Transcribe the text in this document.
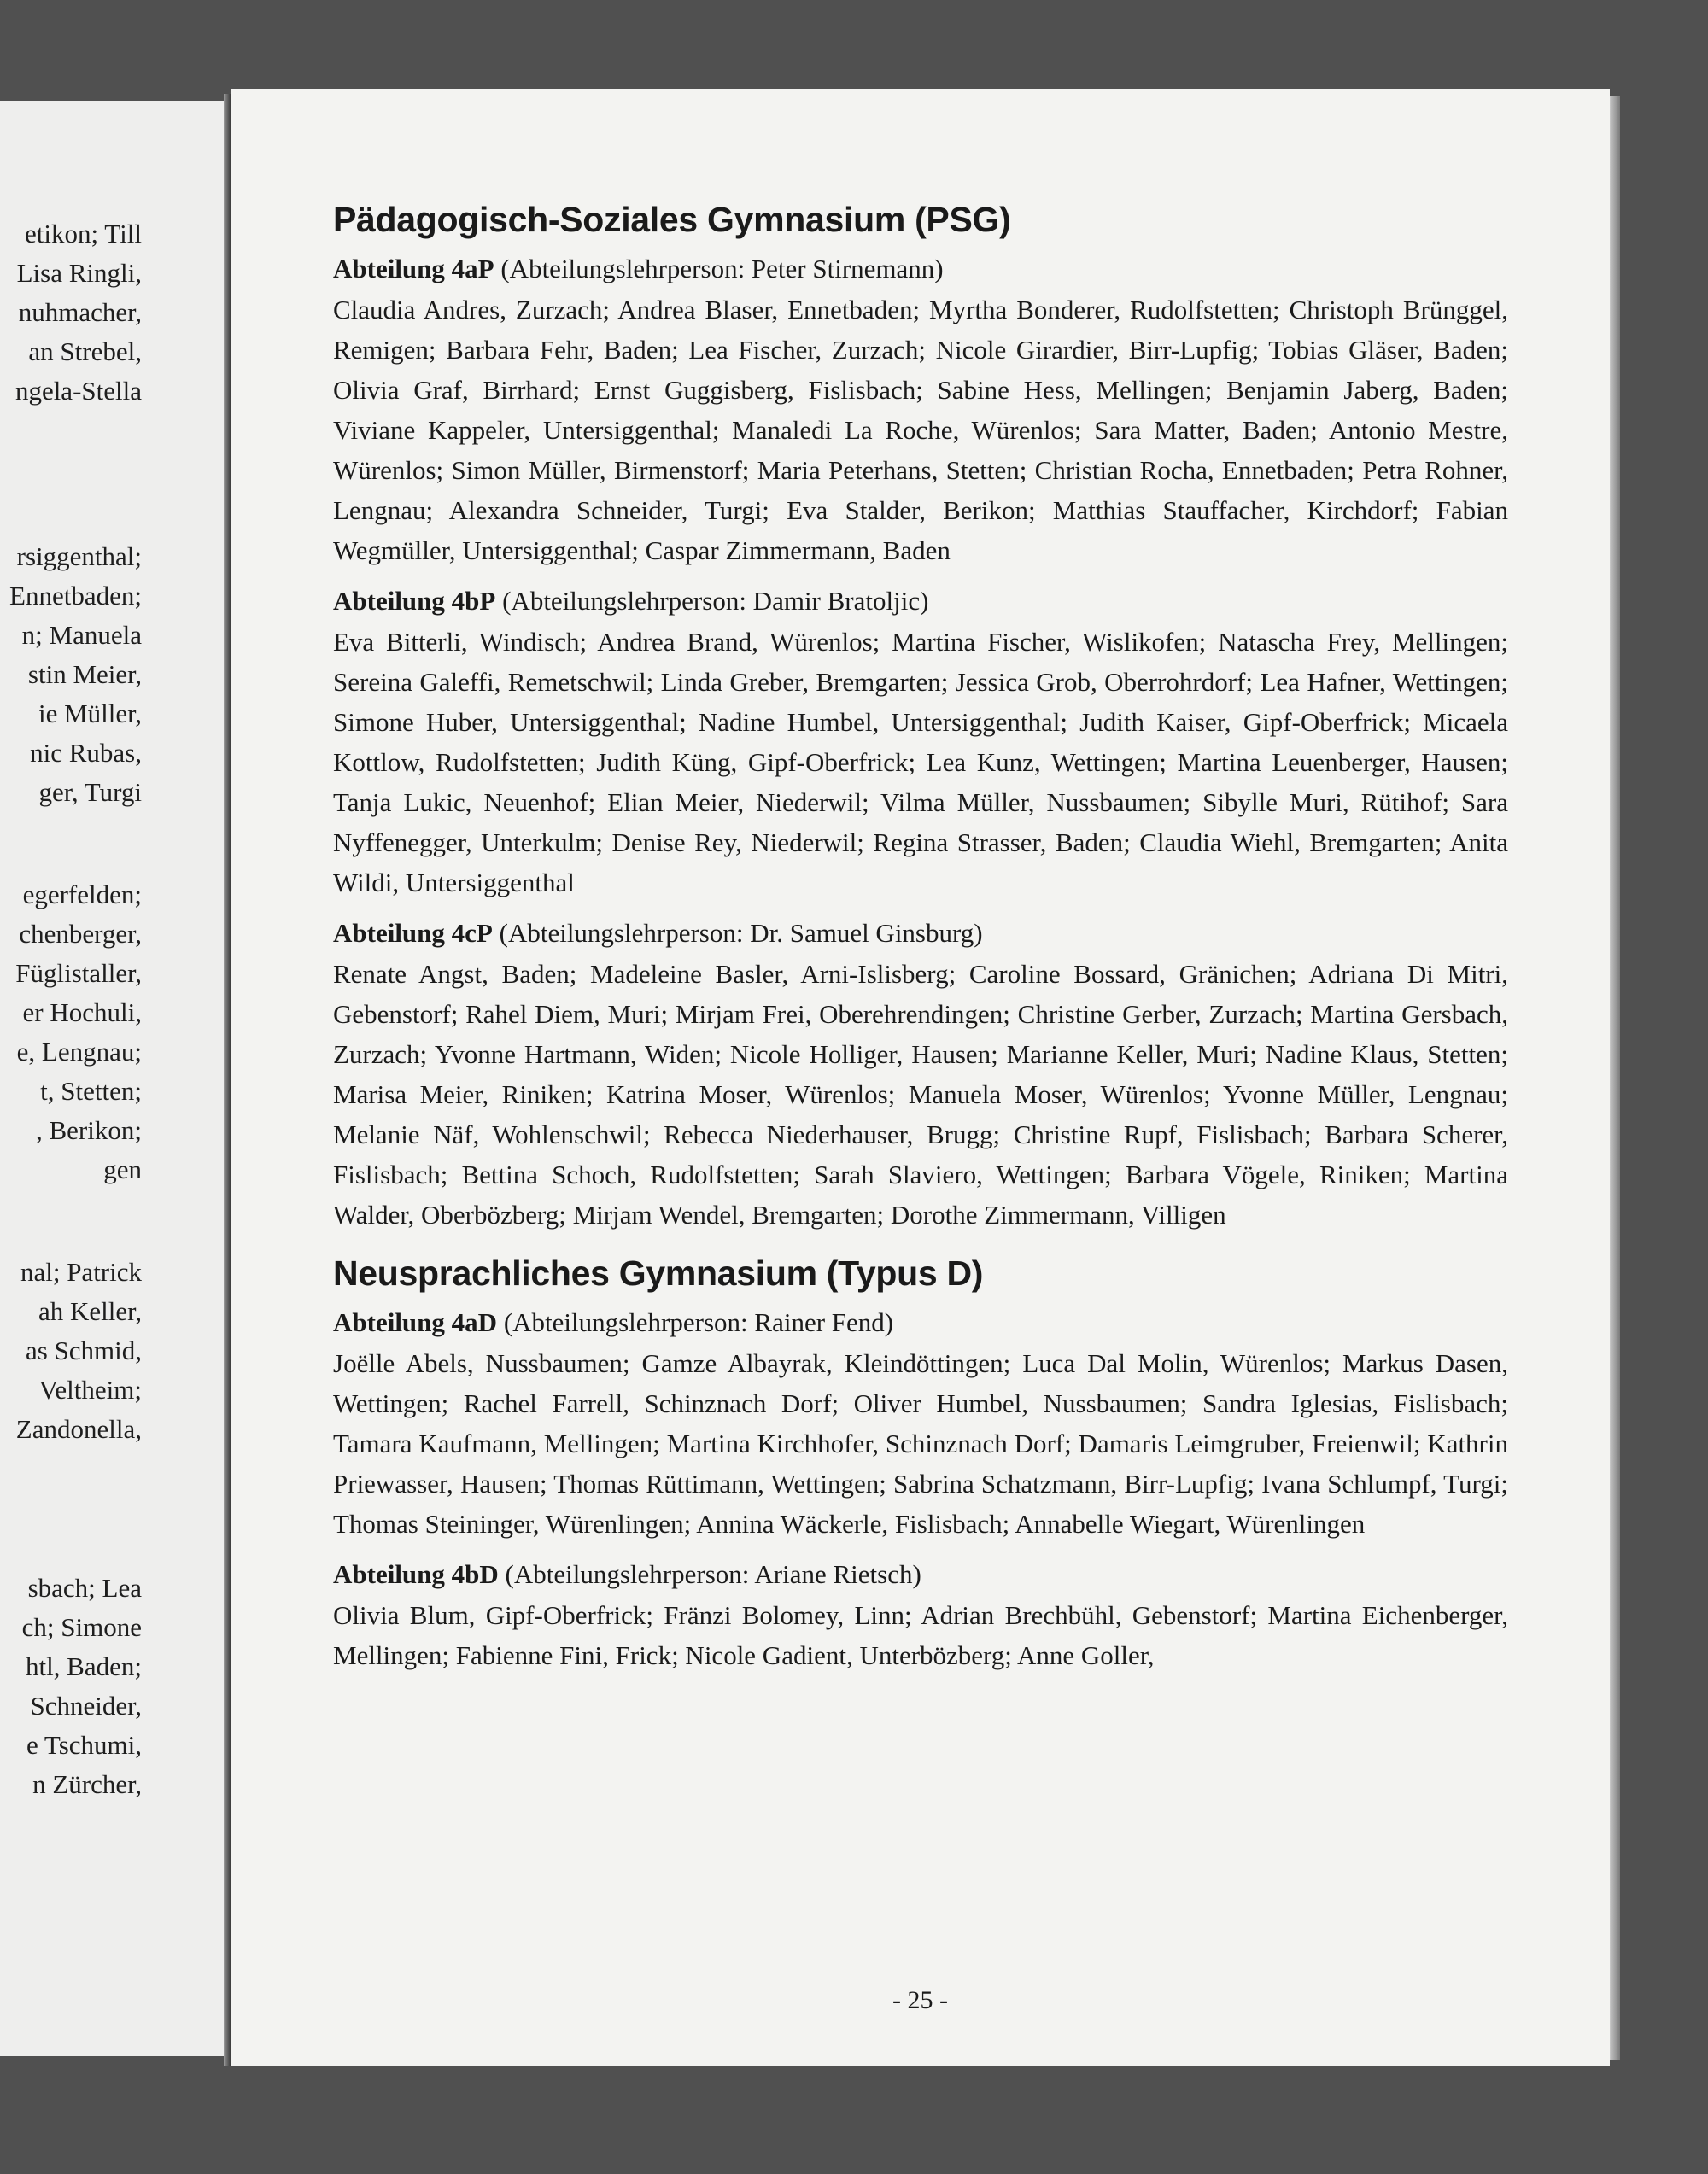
etikon; Till
Lisa Ringli,
nuhmacher,
an Strebel,
ngela-Stella
rsiggenthal;
Ennetbaden;
n; Manuela
stin Meier,
ie Müller,
nic Rubas,
ger, Turgi
egerfelden;
chenberger,
Füglistaller,
er Hochuli,
e, Lengnau;
t, Stetten;
, Berikon;
gen
nal; Patrick
ah Keller,
as Schmid,
Veltheim;
Zandonella,
sbach; Lea
ch; Simone
htl, Baden;
Schneider,
e Tschumi,
n Zürcher,
Pädagogisch-Soziales Gymnasium (PSG)
Abteilung 4aP (Abteilungslehrperson: Peter Stirnemann)
Claudia Andres, Zurzach; Andrea Blaser, Ennetbaden; Myrtha Bonderer, Rudolfstetten; Christoph Brünggel, Remigen; Barbara Fehr, Baden; Lea Fischer, Zurzach; Nicole Girardier, Birr-Lupfig; Tobias Gläser, Baden; Olivia Graf, Birrhard; Ernst Guggisberg, Fislisbach; Sabine Hess, Mellingen; Benjamin Jaberg, Baden; Viviane Kappeler, Untersiggenthal; Manaledi La Roche, Würenlos; Sara Matter, Baden; Antonio Mestre, Würenlos; Simon Müller, Birmenstorf; Maria Peterhans, Stetten; Christian Rocha, Ennetbaden; Petra Rohner, Lengnau; Alexandra Schneider, Turgi; Eva Stalder, Berikon; Matthias Stauffacher, Kirchdorf; Fabian Wegmüller, Untersiggenthal; Caspar Zimmermann, Baden
Abteilung 4bP (Abteilungslehrperson: Damir Bratoljic)
Eva Bitterli, Windisch; Andrea Brand, Würenlos; Martina Fischer, Wislikofen; Natascha Frey, Mellingen; Sereina Galeffi, Remetschwil; Linda Greber, Bremgarten; Jessica Grob, Oberrohrdorf; Lea Hafner, Wettingen; Simone Huber, Untersiggenthal; Nadine Humbel, Untersiggenthal; Judith Kaiser, Gipf-Oberfrick; Micaela Kottlow, Rudolfstetten; Judith Küng, Gipf-Oberfrick; Lea Kunz, Wettingen; Martina Leuenberger, Hausen; Tanja Lukic, Neuenhof; Elian Meier, Niederwil; Vilma Müller, Nussbaumen; Sibylle Muri, Rütihof; Sara Nyffenegger, Unterkulm; Denise Rey, Niederwil; Regina Strasser, Baden; Claudia Wiehl, Bremgarten; Anita Wildi, Untersiggenthal
Abteilung 4cP (Abteilungslehrperson: Dr. Samuel Ginsburg)
Renate Angst, Baden; Madeleine Basler, Arni-Islisberg; Caroline Bossard, Gränichen; Adriana Di Mitri, Gebenstorf; Rahel Diem, Muri; Mirjam Frei, Oberehrendingen; Christine Gerber, Zurzach; Martina Gersbach, Zurzach; Yvonne Hartmann, Widen; Nicole Holliger, Hausen; Marianne Keller, Muri; Nadine Klaus, Stetten; Marisa Meier, Riniken; Katrina Moser, Würenlos; Manuela Moser, Würenlos; Yvonne Müller, Lengnau; Melanie Näf, Wohlenschwil; Rebecca Niederhauser, Brugg; Christine Rupf, Fislisbach; Barbara Scherer, Fislisbach; Bettina Schoch, Rudolfstetten; Sarah Slaviero, Wettingen; Barbara Vögele, Riniken; Martina Walder, Oberbözberg; Mirjam Wendel, Bremgarten; Dorothe Zimmermann, Villigen
Neusprachliches Gymnasium (Typus D)
Abteilung 4aD (Abteilungslehrperson: Rainer Fend)
Joëlle Abels, Nussbaumen; Gamze Albayrak, Kleindöttingen; Luca Dal Molin, Würenlos; Markus Dasen, Wettingen; Rachel Farrell, Schinznach Dorf; Oliver Humbel, Nussbaumen; Sandra Iglesias, Fislisbach; Tamara Kaufmann, Mellingen; Martina Kirchhofer, Schinznach Dorf; Damaris Leimgruber, Freienwil; Kathrin Priewasser, Hausen; Thomas Rüttimann, Wettingen; Sabrina Schatzmann, Birr-Lupfig; Ivana Schlumpf, Turgi; Thomas Steininger, Würenlingen; Annina Wäckerle, Fislisbach; Annabelle Wiegart, Würenlingen
Abteilung 4bD (Abteilungslehrperson: Ariane Rietsch)
Olivia Blum, Gipf-Oberfrick; Fränzi Bolomey, Linn; Adrian Brechbühl, Gebenstorf; Martina Eichenberger, Mellingen; Fabienne Fini, Frick; Nicole Gadient, Unterbözberg; Anne Goller,
- 25 -
